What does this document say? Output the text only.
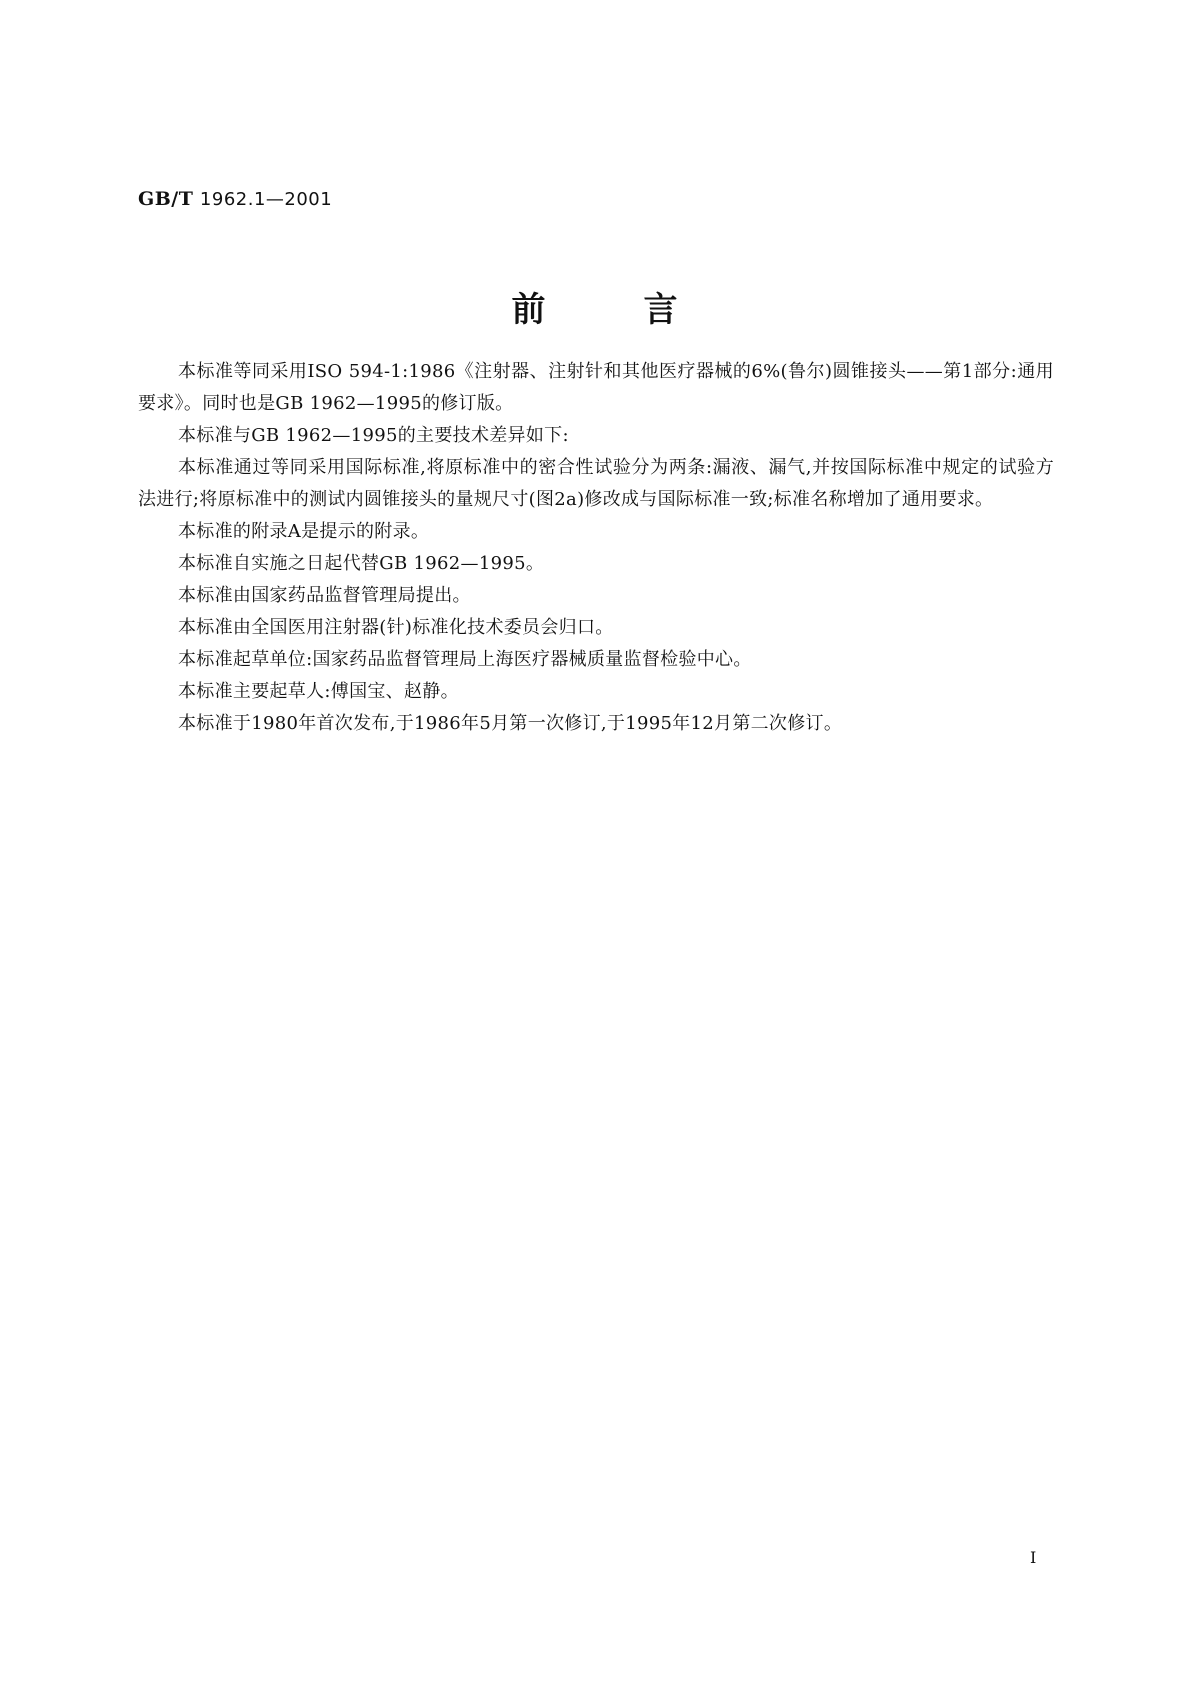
GB/T 1962.1—2001
前	言

本标准等同采用ISO 594-1:1986《注射器、注射针和其他医疗器械的6%(鲁尔)圆锥接头——第1部分:通用要求》。同时也是GB 1962—1995的修订版。

本标准与GB 1962—1995的主要技术差异如下:

本标准通过等同采用国际标准,将原标准中的密合性试验分为两条:漏液、漏气,并按国际标准中规定的试验方法进行;将原标准中的测试内圆锥接头的量规尺寸(图2a)修改成与国际标准一致;标准名称增加了通用要求。

本标准的附录A是提示的附录。

本标准自实施之日起代替GB 1962—1995。

本标准由国家药品监督管理局提出。

本标准由全国医用注射器(针)标准化技术委员会归口。

本标准起草单位:国家药品监督管理局上海医疗器械质量监督检验中心。

本标准主要起草人:傅国宝、赵静。

本标准于1980年首次发布,于1986年5月第一次修订,于1995年12月第二次修订。

I
